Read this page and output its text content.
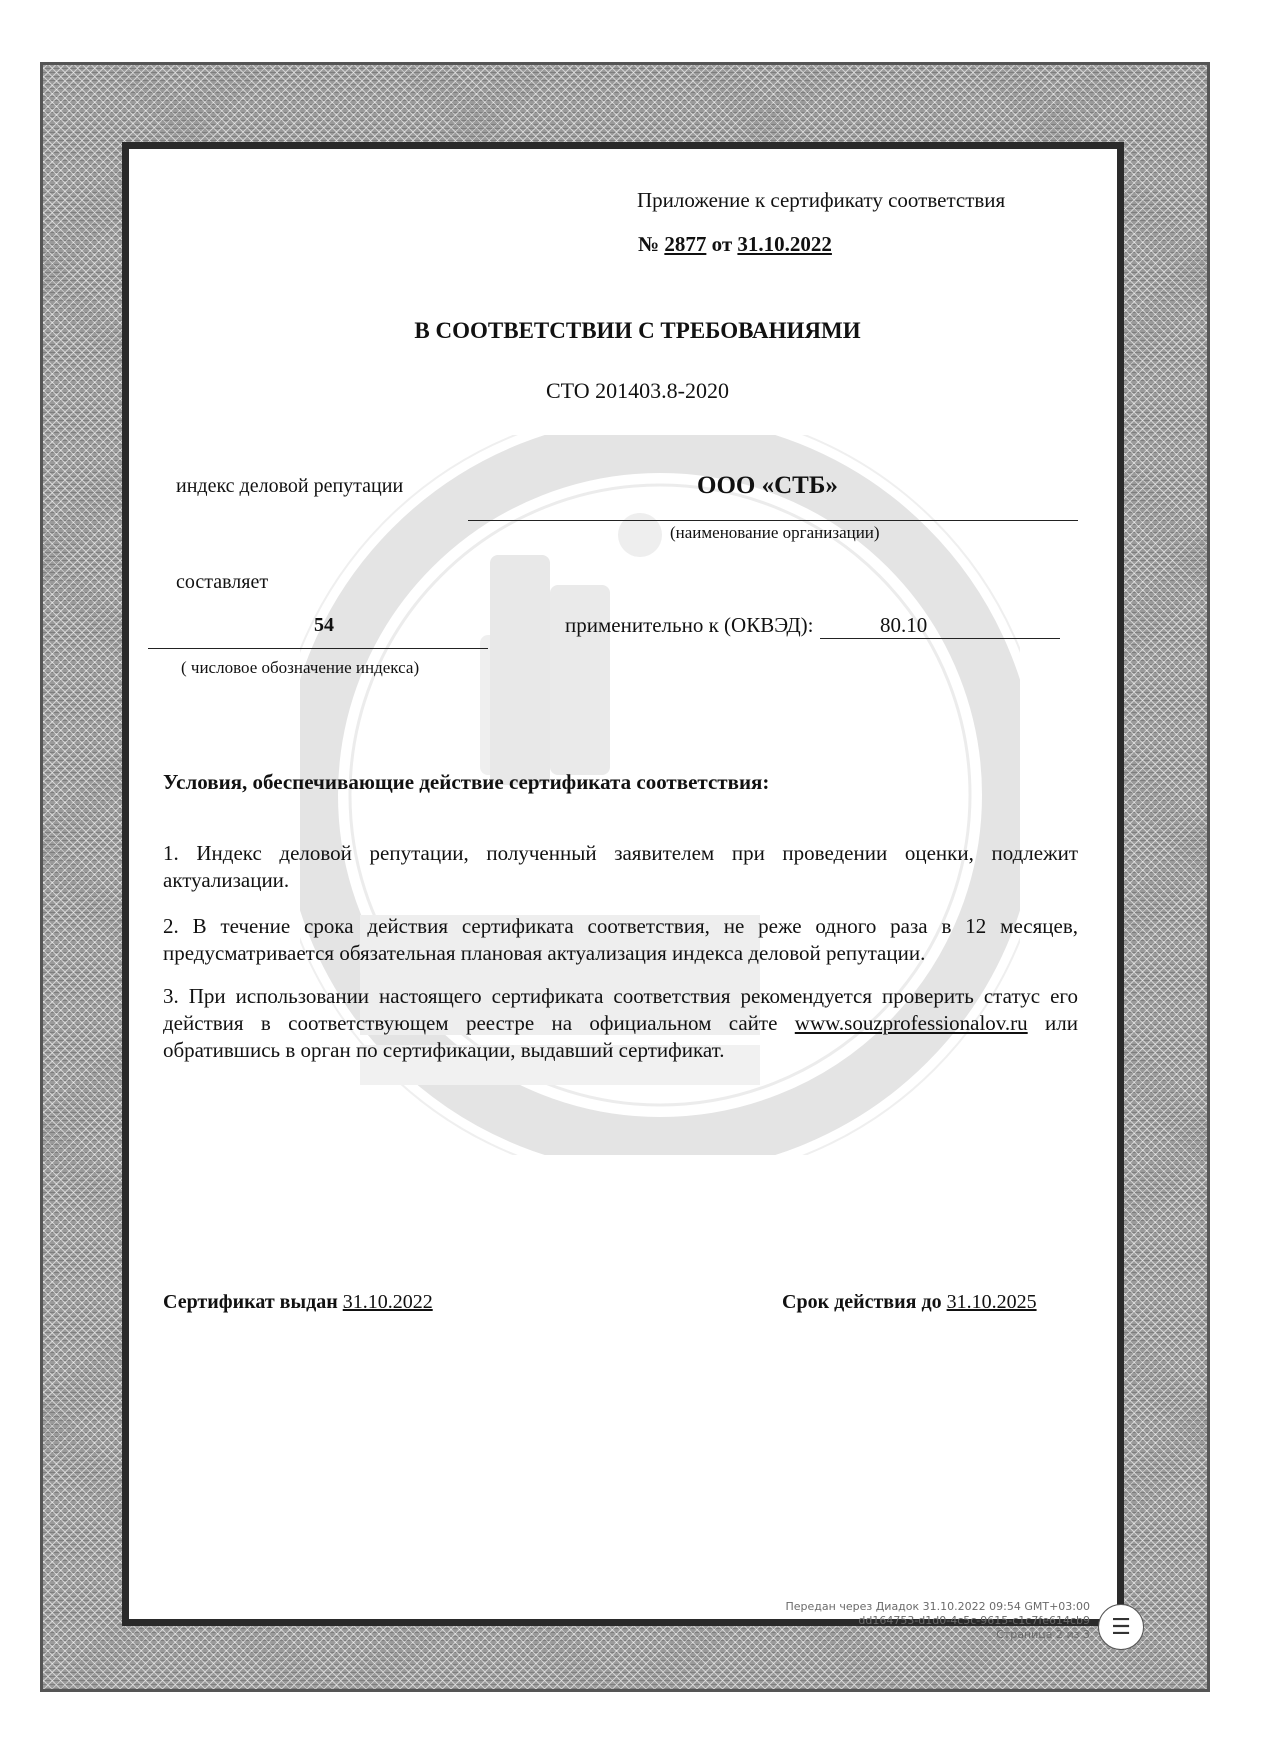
Приложение к сертификату соответствия
№ 2877 от 31.10.2022
В СООТВЕТСТВИИ С ТРЕБОВАНИЯМИ
СТО 201403.8-2020
индекс деловой репутации	ООО «СТБ»
(наименование организации)
составляет
54
( числовое обозначение индекса)
применительно к (ОКВЭД):	80.10
Условия, обеспечивающие действие сертификата соответствия:
1. Индекс деловой репутации, полученный заявителем при проведении оценки, подлежит актуализации.
2. В течение срока действия сертификата соответствия, не реже одного раза в 12 месяцев, предусматривается обязательная плановая актуализация индекса деловой репутации.
3. При использовании настоящего сертификата соответствия рекомендуется проверить статус его действия в соответствующем реестре на официальном сайте www.souzprofessionalov.ru или обратившись в орган по сертификации, выдавший сертификат.
Сертификат выдан 31.10.2022	Срок действия до 31.10.2025
Передан через Диадок 31.10.2022 09:54 GMT+03:00
dd164753-d1d0-4c5c-9615-c1c7fe614cb9
Страница 2 из 3 ☰
